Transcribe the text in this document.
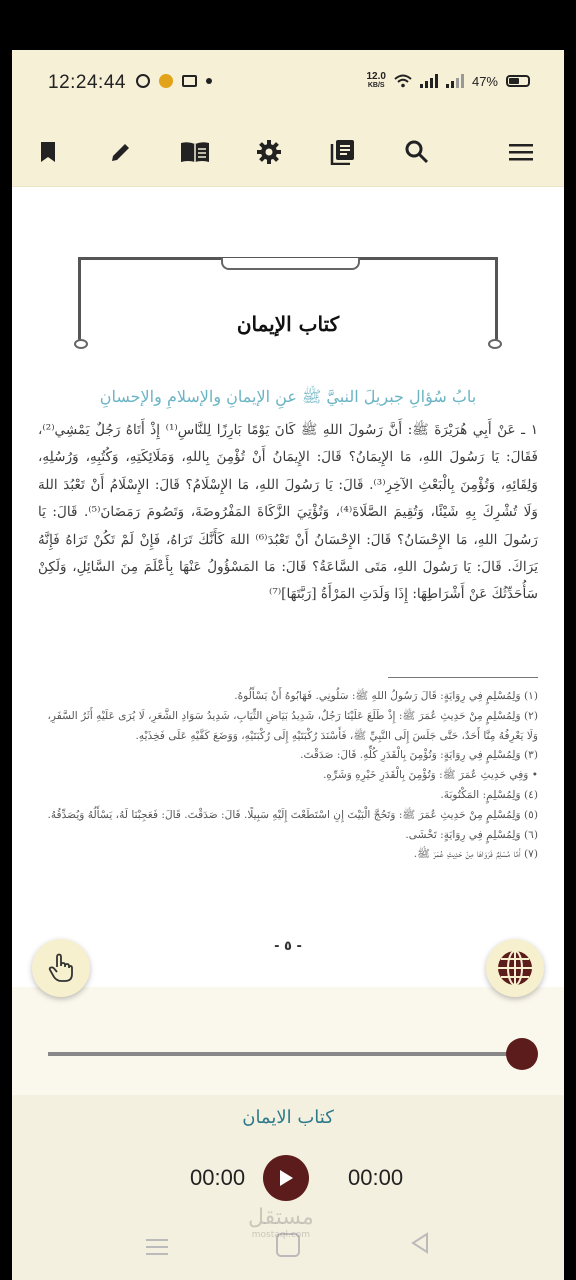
12:24:44	12.0
KB/S	47%
كتاب الإيمان
بابُ سُؤالِ جبريلَ النبيَّ ﷺ عنِ الإيمانِ والإسلامِ والإحسانِ
١ ـ عَنْ أَبِي هُرَيْرَةَ ﷺ: أَنَّ رَسُولَ اللهِ ﷺ كَانَ يَوْمًا بَارِزًا لِلنَّاسِ⁽¹⁾ إِذْ أَتَاهُ رَجُلٌ يَمْشِي⁽²⁾، فَقَالَ: يَا رَسُولَ اللهِ، مَا الإِيمَانُ؟ قَالَ: الإِيمَانُ أَنْ تُؤْمِنَ بِاللهِ، وَمَلَائِكَتِهِ، وَكُتُبِهِ، وَرُسُلِهِ، وَلِقَائِهِ، وَتُؤْمِنَ بِالْبَعْثِ الآخِرِ⁽³⁾. قَالَ: يَا رَسُولَ اللهِ، مَا الإِسْلَامُ؟ قَالَ: الإِسْلَامُ أَنْ تَعْبُدَ اللهَ وَلَا تُشْرِكَ بِهِ شَيْئًا، وَتُقِيمَ الصَّلَاةَ⁽⁴⁾، وَتُؤْتِيَ الزَّكَاةَ المَفْرُوضَةَ، وَتَصُومَ رَمَضَانَ⁽⁵⁾. قَالَ: يَا رَسُولَ اللهِ، مَا الإِحْسَانُ؟ قَالَ: الإِحْسَانُ أَنْ تَعْبُدَ⁽⁶⁾ اللهَ كَأَنَّكَ تَرَاهُ، فَإِنْ لَمْ تَكُنْ تَرَاهُ فَإِنَّهُ يَرَاكَ. قَالَ: يَا رَسُولَ اللهِ، مَتَى السَّاعَةُ؟ قَالَ: مَا المَسْؤُولُ عَنْهَا بِأَعْلَمَ مِنَ السَّائِلِ، وَلَكِنْ سَأُحَدِّثُكَ عَنْ أَشْرَاطِهَا: إِذَا وَلَدَتِ المَرْأَةُ [رَبَّتَهَا]⁽⁷⁾

(١) وَلِمُسْلِمٍ فِي رِوَايَةٍ: قَالَ رَسُولُ اللهِ ﷺ: سَلُونِي. فَهَابُوهُ أَنْ يَسْأَلُوهُ.

(٢) وَلِمُسْلِمٍ مِنْ حَدِيثِ عُمَرَ ﷺ: إِذْ طَلَعَ عَلَيْنَا رَجُلٌ، شَدِيدُ بَيَاضِ الثِّيَابِ، شَدِيدُ سَوَادِ الشَّعَرِ، لَا يُرَى عَلَيْهِ أَثَرُ السَّفَرِ، وَلَا يَعْرِفُهُ مِنَّا أَحَدٌ، حَتَّى جَلَسَ إِلَى النَّبِيِّ ﷺ، فَأَسْنَدَ رُكْبَتَيْهِ إِلَى رُكْبَتَيْهِ، وَوَضَعَ كَفَّيْهِ عَلَى فَخِذَيْهِ.

(٣) وَلِمُسْلِمٍ فِي رِوَايَةٍ: وَتُؤْمِنَ بِالْقَدَرِ كُلِّهِ. قَالَ: صَدَقْتَ.

• وَفِي حَدِيثِ عُمَرَ ﷺ: وَتُؤْمِنَ بِالْقَدَرِ خَيْرِهِ وَشَرِّهِ.

(٤) وَلِمُسْلِمٍ: المَكْتُوبَةَ.

(٥) وَلِمُسْلِمٍ مِنْ حَدِيثِ عُمَرَ ﷺ: وَتَحُجَّ الْبَيْتَ إِنِ اسْتَطَعْتَ إِلَيْهِ سَبِيلًا. قَالَ: صَدَقْتَ. قَالَ: فَعَجِبْنَا لَهُ، يَسْأَلُهُ وَيُصَدِّقُهُ.

(٦) وَلِمُسْلِمٍ فِي رِوَايَةٍ: تَخْشَى.

(٧) أَمَّا مُسْلِمٌ فَرَوَاهَا مِنْ حَدِيثِ عُمَرَ ﷺ.

- ٥ -
كتاب الايمان
00:00	00:00
مستقل
mostaql.com
